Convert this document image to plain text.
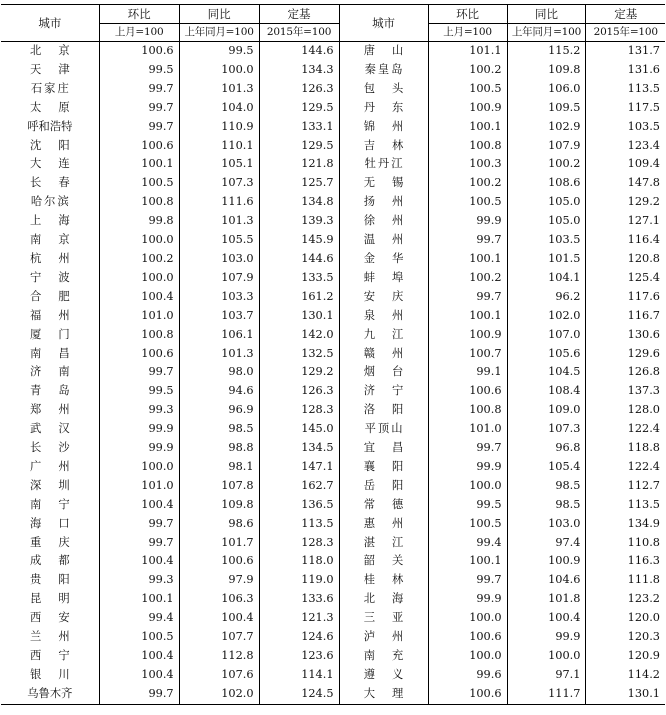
城市	环比	同比	定基	城市	环比	同比	定基
	上月=100	上年同月=100	2015年=100		上月=100	上年同月=100	2015年=100
北京	100.6	99.5	144.6	唐山	101.1	115.2	131.7
天津	99.5	100.0	134.3	秦皇岛	100.2	109.8	131.6
石家庄	99.7	101.3	126.3	包头	100.5	106.0	113.5
太原	99.7	104.0	129.5	丹东	100.9	109.5	117.5
呼和浩特	99.7	110.9	133.1	锦州	100.1	102.9	103.5
沈阳	100.6	110.1	129.5	吉林	100.8	107.9	123.4
大连	100.1	105.1	121.8	牡丹江	100.3	100.2	109.4
长春	100.5	107.3	125.7	无锡	100.2	108.6	147.8
哈尔滨	100.8	111.6	134.8	扬州	100.5	105.0	129.2
上海	99.8	101.3	139.3	徐州	99.9	105.0	127.1
南京	100.0	105.5	145.9	温州	99.7	103.5	116.4
杭州	100.2	103.0	144.6	金华	100.1	101.5	120.8
宁波	100.0	107.9	133.5	蚌埠	100.2	104.1	125.4
合肥	100.4	103.3	161.2	安庆	99.7	96.2	117.6
福州	101.0	103.7	130.1	泉州	100.1	102.0	116.7
厦门	100.8	106.1	142.0	九江	100.9	107.0	130.6
南昌	100.6	101.3	132.5	赣州	100.7	105.6	129.6
济南	99.7	98.0	129.2	烟台	99.1	104.5	126.8
青岛	99.5	94.6	126.3	济宁	100.6	108.4	137.3
郑州	99.3	96.9	128.3	洛阳	100.8	109.0	128.0
武汉	99.9	98.5	145.0	平顶山	101.0	107.3	122.4
长沙	99.9	98.8	134.5	宜昌	99.7	96.8	118.8
广州	100.0	98.1	147.1	襄阳	99.9	105.4	122.4
深圳	101.0	107.8	162.7	岳阳	100.0	98.5	112.7
南宁	100.4	109.8	136.5	常德	99.5	98.5	113.5
海口	99.7	98.6	113.5	惠州	100.5	103.0	134.9
重庆	99.7	101.7	128.3	湛江	99.4	97.4	110.8
成都	100.4	100.6	118.0	韶关	100.1	100.9	116.3
贵阳	99.3	97.9	119.0	桂林	99.7	104.6	111.8
昆明	100.1	106.3	133.6	北海	99.9	101.8	123.2
西安	99.4	100.4	121.3	三亚	100.0	100.4	120.0
兰州	100.5	107.7	124.6	泸州	100.6	99.9	120.3
西宁	100.4	112.8	123.6	南充	100.0	100.0	120.9
银川	100.4	107.6	114.1	遵义	99.6	97.1	114.2
乌鲁木齐	99.7	102.0	124.5	大理	100.6	111.7	130.1
